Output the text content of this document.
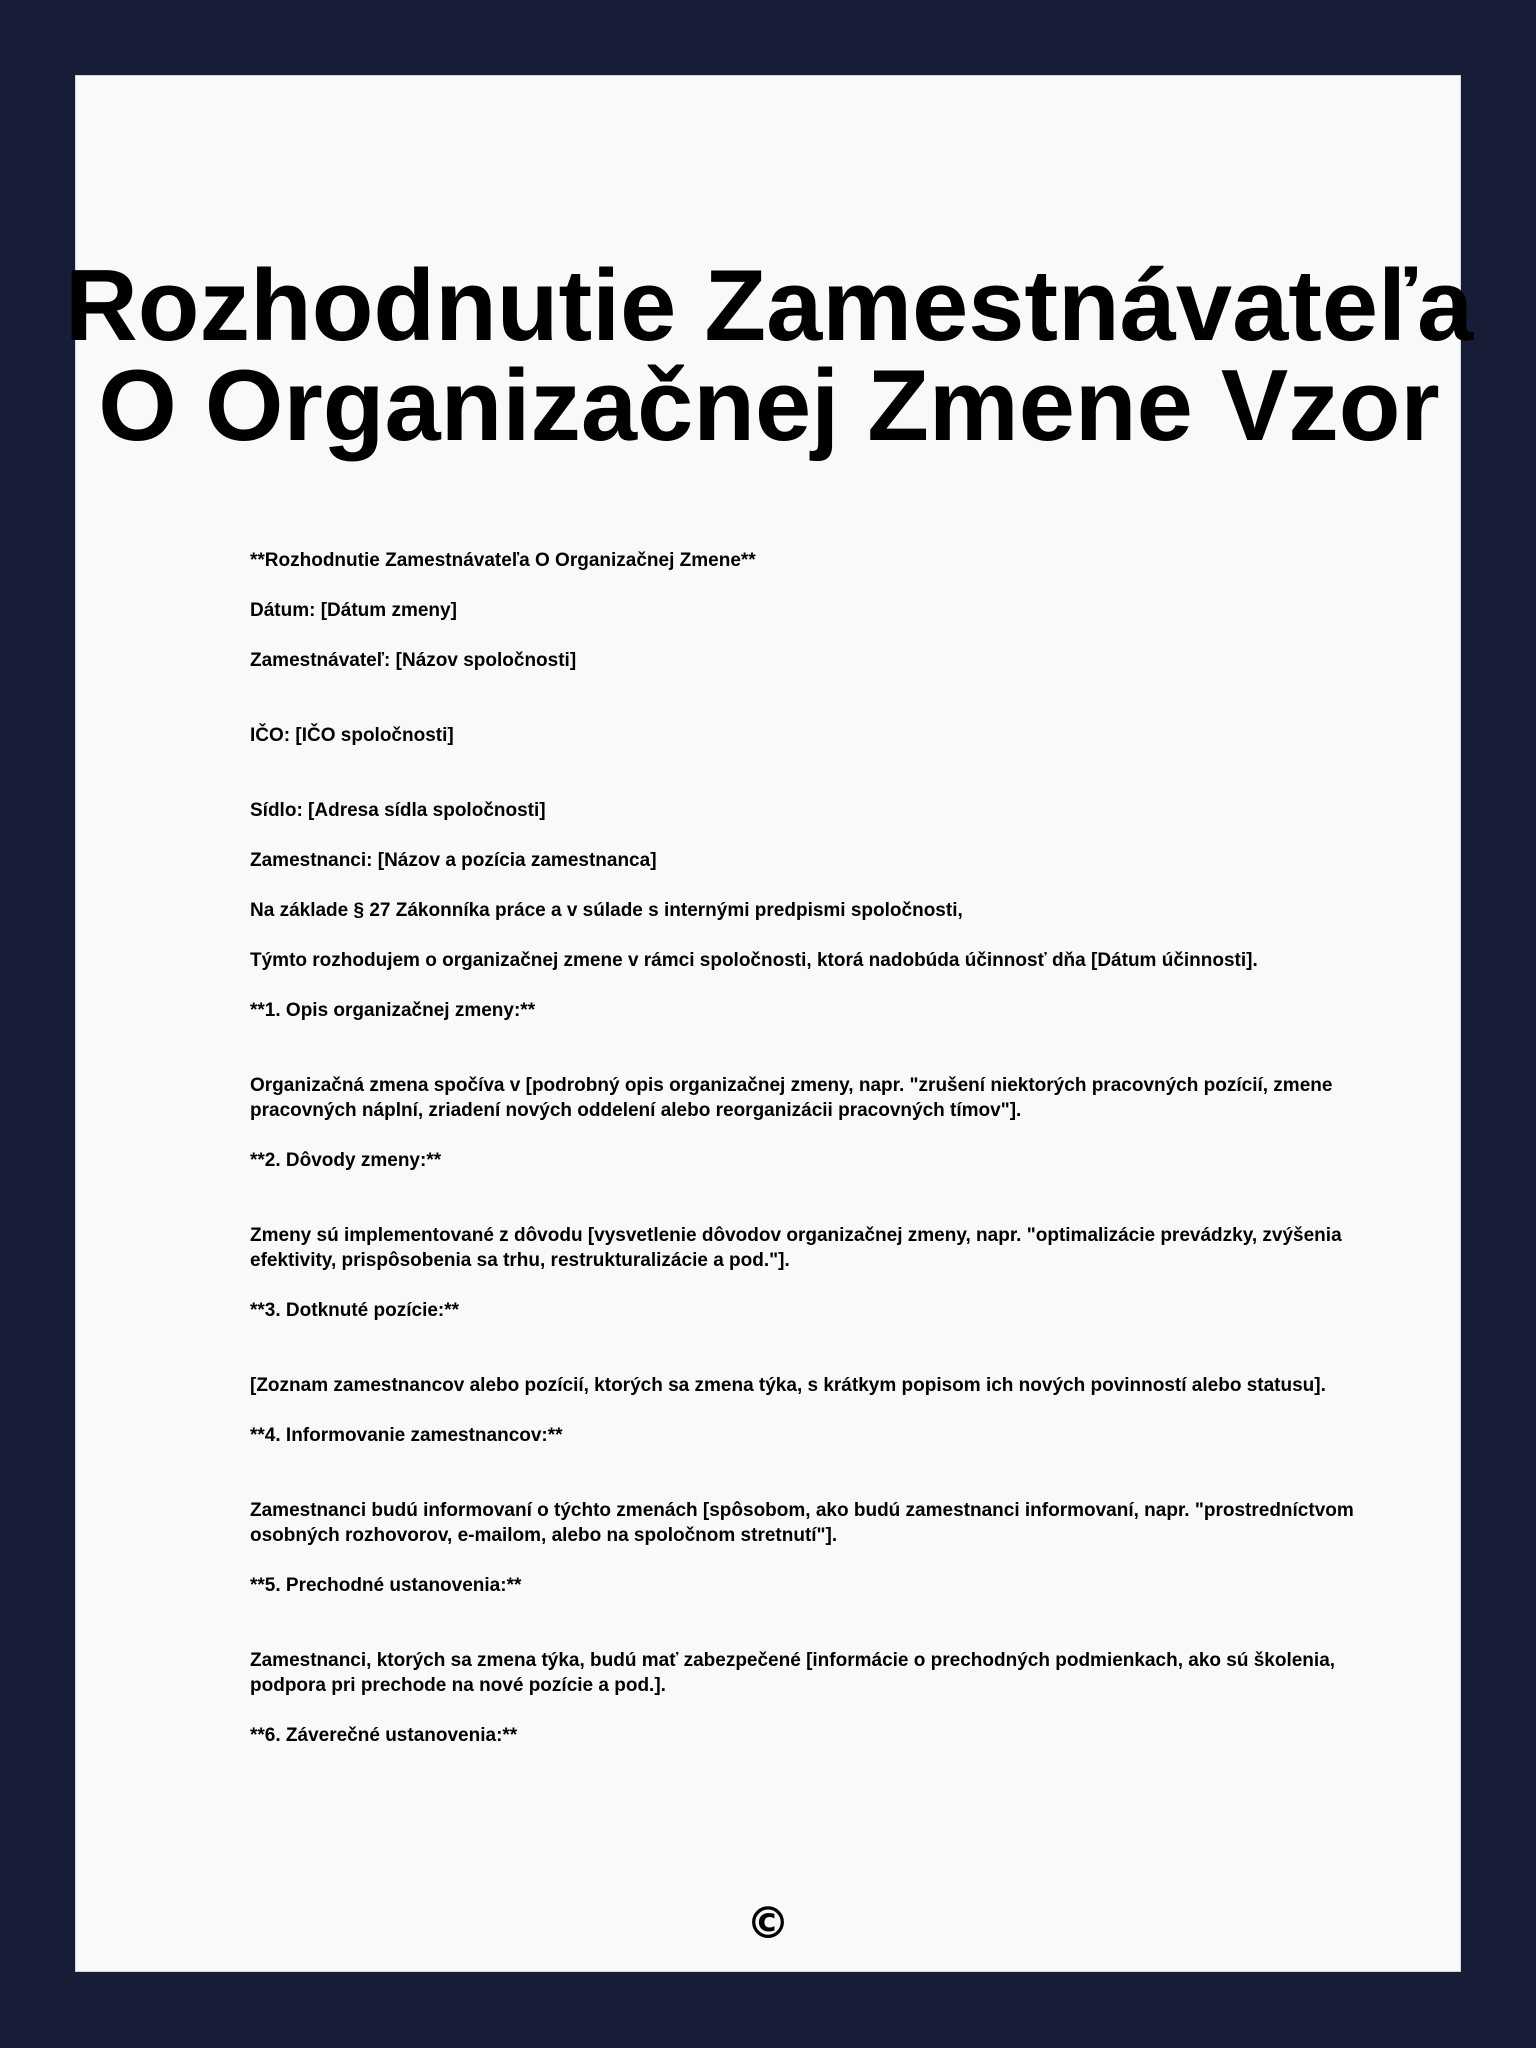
Rozhodnutie Zamestnávateľa
O Organizačnej Zmene Vzor

**Rozhodnutie Zamestnávateľa O Organizačnej Zmene**

Dátum: [Dátum zmeny]

Zamestnávateľ: [Názov spoločnosti]

IČO: [IČO spoločnosti]

Sídlo: [Adresa sídla spoločnosti]

Zamestnanci: [Názov a pozícia zamestnanca]

Na základe § 27 Zákonníka práce a v súlade s internými predpismi spoločnosti,

Týmto rozhodujem o organizačnej zmene v rámci spoločnosti, ktorá nadobúda účinnosť dňa [Dátum účinnosti].

**1. Opis organizačnej zmeny:**

Organizačná zmena spočíva v [podrobný opis organizačnej zmeny, napr. "zrušení niektorých pracovných pozícií, zmene pracovných náplní, zriadení nových oddelení alebo reorganizácii pracovných tímov"].

**2. Dôvody zmeny:**

Zmeny sú implementované z dôvodu [vysvetlenie dôvodov organizačnej zmeny, napr. "optimalizácie prevádzky, zvýšenia efektivity, prispôsobenia sa trhu, restrukturalizácie a pod."].

**3. Dotknuté pozície:**

[Zoznam zamestnancov alebo pozícií, ktorých sa zmena týka, s krátkym popisom ich nových povinností alebo statusu].

**4. Informovanie zamestnancov:**

Zamestnanci budú informovaní o týchto zmenách [spôsobom, ako budú zamestnanci informovaní, napr. "prostredníctvom osobných rozhovorov, e-mailom, alebo na spoločnom stretnutí"].

**5. Prechodné ustanovenia:**

Zamestnanci, ktorých sa zmena týka, budú mať zabezpečené [informácie o prechodných podmienkach, ako sú školenia, podpora pri prechode na nové pozície a pod.].

**6. Záverečné ustanovenia:**

©
